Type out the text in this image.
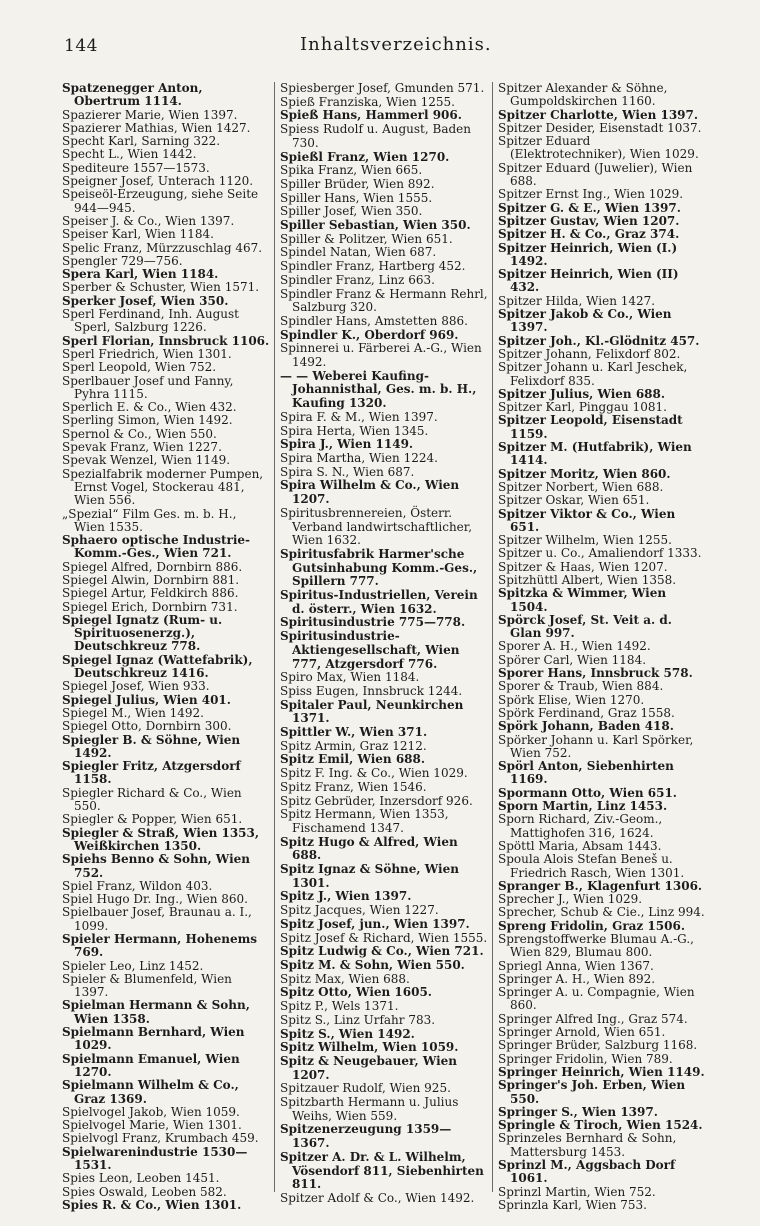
144	Inhaltsverzeichnis.

Spatzenegger Anton, Obertrum 1114.

Spazierer Marie, Wien 1397.

Spazierer Mathias, Wien 1427.

Specht Karl, Sarning 322.

Specht L., Wien 1442.

Spediteure 1557—1573.

Speigner Josef, Unterach 1120.

Speiseöl-Erzeugung, siehe Seite 944—945.

Speiser J. & Co., Wien 1397.

Speiser Karl, Wien 1184.

Spelic Franz, Mürzzuschlag 467.

Spengler 729—756.

Spera Karl, Wien 1184.

Sperber & Schuster, Wien 1571.

Sperker Josef, Wien 350.

Sperl Ferdinand, Inh. August Sperl, Salzburg 1226.

Sperl Florian, Innsbruck 1106.

Sperl Friedrich, Wien 1301.

Sperl Leopold, Wien 752.

Sperlbauer Josef und Fanny, Pyhra 1115.

Sperlich E. & Co., Wien 432.

Sperling Simon, Wien 1492.

Spernol & Co., Wien 550.

Spevak Franz, Wien 1227.

Spevak Wenzel, Wien 1149.

Spezialfabrik moderner Pumpen, Ernst Vogel, Stockerau 481, Wien 556.

„Spezial“ Film Ges. m. b. H., Wien 1535.

Sphaero optische Industrie-Komm.-Ges., Wien 721.

Spiegel Alfred, Dornbirn 886.

Spiegel Alwin, Dornbirn 881.

Spiegel Artur, Feldkirch 886.

Spiegel Erich, Dornbirn 731.

Spiegel Ignatz (Rum- u. Spirituosenerzg.), Deutschkreuz 778.

Spiegel Ignaz (Wattefabrik), Deutschkreuz 1416.

Spiegel Josef, Wien 933.

Spiegel Julius, Wien 401.

Spiegel M., Wien 1492.

Spiegel Otto, Dornbirn 300.

Spiegler B. & Söhne, Wien 1492.

Spiegler Fritz, Atzgersdorf 1158.

Spiegler Richard & Co., Wien 550.

Spiegler & Popper, Wien 651.

Spiegler & Straß, Wien 1353, Weißkirchen 1350.

Spiehs Benno & Sohn, Wien 752.

Spiel Franz, Wildon 403.

Spiel Hugo Dr. Ing., Wien 860.

Spielbauer Josef, Braunau a. I., 1099.

Spieler Hermann, Hohenems 769.

Spieler Leo, Linz 1452.

Spieler & Blumenfeld, Wien 1397.

Spielman Hermann & Sohn, Wien 1358.

Spielmann Bernhard, Wien 1029.

Spielmann Emanuel, Wien 1270.

Spielmann Wilhelm & Co., Graz 1369.

Spielvogel Jakob, Wien 1059.

Spielvogel Marie, Wien 1301.

Spielvogl Franz, Krumbach 459.

Spielwarenindustrie 1530—1531.

Spies Leon, Leoben 1451.

Spies Oswald, Leoben 582.

Spies R. & Co., Wien 1301.

Spiesberger Josef, Gmunden 571.

Spieß Franziska, Wien 1255.

Spieß Hans, Hammerl 906.

Spiess Rudolf u. August, Baden 730.

Spießl Franz, Wien 1270.

Spika Franz, Wien 665.

Spiller Brüder, Wien 892.

Spiller Hans, Wien 1555.

Spiller Josef, Wien 350.

Spiller Sebastian, Wien 350.

Spiller & Politzer, Wien 651.

Spindel Natan, Wien 687.

Spindler Franz, Hartberg 452.

Spindler Franz, Linz 663.

Spindler Franz & Hermann Rehrl, Salzburg 320.

Spindler Hans, Amstetten 886.

Spindler K., Oberdorf 969.

Spinnerei u. Färberei A.-G., Wien 1492.

— — Weberei Kaufing-Johannisthal, Ges. m. b. H., Kaufing 1320.

Spira F. & M., Wien 1397.

Spira Herta, Wien 1345.

Spira J., Wien 1149.

Spira Martha, Wien 1224.

Spira S. N., Wien 687.

Spira Wilhelm & Co., Wien 1207.

Spiritusbrennereien, Österr. Verband landwirtschaftlicher, Wien 1632.

Spiritusfabrik Harmer'sche Gutsinhabung Komm.-Ges., Spillern 777.

Spiritus-Industriellen, Verein d. österr., Wien 1632.

Spiritusindustrie 775—778.

Spiritusindustrie-Aktiengesellschaft, Wien 777, Atzgersdorf 776.

Spiro Max, Wien 1184.

Spiss Eugen, Innsbruck 1244.

Spitaler Paul, Neunkirchen 1371.

Spittler W., Wien 371.

Spitz Armin, Graz 1212.

Spitz Emil, Wien 688.

Spitz F. Ing. & Co., Wien 1029.

Spitz Franz, Wien 1546.

Spitz Gebrüder, Inzersdorf 926.

Spitz Hermann, Wien 1353, Fischamend 1347.

Spitz Hugo & Alfred, Wien 688.

Spitz Ignaz & Söhne, Wien 1301.

Spitz J., Wien 1397.

Spitz Jacques, Wien 1227.

Spitz Josef, jun., Wien 1397.

Spitz Josef & Richard, Wien 1555.

Spitz Ludwig & Co., Wien 721.

Spitz M. & Sohn, Wien 550.

Spitz Max, Wien 688.

Spitz Otto, Wien 1605.

Spitz P., Wels 1371.

Spitz S., Linz Urfahr 783.

Spitz S., Wien 1492.

Spitz Wilhelm, Wien 1059.

Spitz & Neugebauer, Wien 1207.

Spitzauer Rudolf, Wien 925.

Spitzbarth Hermann u. Julius Weihs, Wien 559.

Spitzenerzeugung 1359—1367.

Spitzer A. Dr. & L. Wilhelm, Vösendorf 811, Siebenhirten 811.

Spitzer Adolf & Co., Wien 1492.

Spitzer Alexander & Söhne, Gumpoldskirchen 1160.

Spitzer Charlotte, Wien 1397.

Spitzer Desider, Eisenstadt 1037.

Spitzer Eduard (Elektrotechniker), Wien 1029.

Spitzer Eduard (Juwelier), Wien 688.

Spitzer Ernst Ing., Wien 1029.

Spitzer G. & E., Wien 1397.

Spitzer Gustav, Wien 1207.

Spitzer H. & Co., Graz 374.

Spitzer Heinrich, Wien (I.) 1492.

Spitzer Heinrich, Wien (II) 432.

Spitzer Hilda, Wien 1427.

Spitzer Jakob & Co., Wien 1397.

Spitzer Joh., Kl.-Glödnitz 457.

Spitzer Johann, Felixdorf 802.

Spitzer Johann u. Karl Jeschek, Felixdorf 835.

Spitzer Julius, Wien 688.

Spitzer Karl, Pinggau 1081.

Spitzer Leopold, Eisenstadt 1159.

Spitzer M. (Hutfabrik), Wien 1414.

Spitzer Moritz, Wien 860.

Spitzer Norbert, Wien 688.

Spitzer Oskar, Wien 651.

Spitzer Viktor & Co., Wien 651.

Spitzer Wilhelm, Wien 1255.

Spitzer u. Co., Amaliendorf 1333.

Spitzer & Haas, Wien 1207.

Spitzhüttl Albert, Wien 1358.

Spitzka & Wimmer, Wien 1504.

Spörck Josef, St. Veit a. d. Glan 997.

Sporer A. H., Wien 1492.

Spörer Carl, Wien 1184.

Sporer Hans, Innsbruck 578.

Sporer & Traub, Wien 884.

Spörk Elise, Wien 1270.

Spörk Ferdinand, Graz 1558.

Spörk Johann, Baden 418.

Spörker Johann u. Karl Spörker, Wien 752.

Spörl Anton, Siebenhirten 1169.

Spormann Otto, Wien 651.

Sporn Martin, Linz 1453.

Sporn Richard, Ziv.-Geom., Mattighofen 316, 1624.

Spöttl Maria, Absam 1443.

Spoula Alois Stefan Beneš u. Friedrich Rasch, Wien 1301.

Spranger B., Klagenfurt 1306.

Sprecher J., Wien 1029.

Sprecher, Schub & Cie., Linz 994.

Spreng Fridolin, Graz 1506.

Sprengstoffwerke Blumau A.-G., Wien 829, Blumau 800.

Spriegl Anna, Wien 1367.

Springer A. H., Wien 892.

Springer A. u. Compagnie, Wien 860.

Springer Alfred Ing., Graz 574.

Springer Arnold, Wien 651.

Springer Brüder, Salzburg 1168.

Springer Fridolin, Wien 789.

Springer Heinrich, Wien 1149.

Springer's Joh. Erben, Wien 550.

Springer S., Wien 1397.

Springle & Tiroch, Wien 1524.

Sprinzeles Bernhard & Sohn, Mattersburg 1453.

Sprinzl M., Aggsbach Dorf 1061.

Sprinzl Martin, Wien 752.

Sprinzla Karl, Wien 753.
